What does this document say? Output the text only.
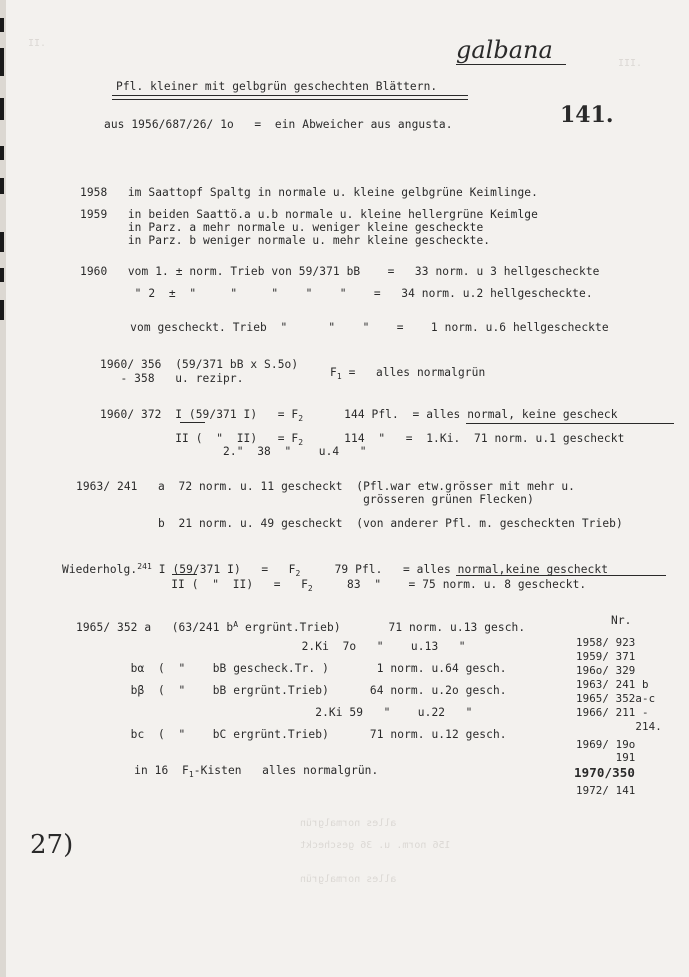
II.
III.
galbana
Pfl. kleiner mit gelbgrün geschechten Blättern.
aus 1956/687/26/ 1o   =  ein Abweicher aus angusta.	141.
1958   im Saattopf Spaltg in normale u. kleine gelbgrüne Keimlinge.
1959   in beiden Saattö.a u.b normale u. kleine hellergrüne Keimlge
in Parz. a mehr normale u. weniger kleine gescheckte
in Parz. b weniger normale u. mehr kleine gescheckte.
1960   vom 1. ± norm. Trieb von 59/371 bB    =   33 norm. u 3 hellgescheckte
" 2  ±  "     "     "    "    "    =   34 norm. u.2 hellgescheckte.
vom gescheckt. Trieb  "      "    "    =    1 norm. u.6 hellgescheckte
1960/ 356  (59/371 bB x S.5o)
- 358   u. rezipr.	$F_1$ =   alles normalgrün
1960/ 372  I (59/371 $I) = F_2$      144 Pfl.  = alles normal, keine gescheck
II (  "  $II) = F_2$      114  "   =  1.Ki.  71 norm. u.1 gescheckt
2."  38  "    u.4   "
1963/ 241   a  72 norm. u. 11 gescheckt  (Pfl.war etw.grösser mit mehr u.
grösseren grünen Flecken)
b  21 norm. u. 49 gescheckt  (von anderer Pfl. m. gescheckten Trieb)
Wiederholg.$^{241}$ I (59/371 $I) = F_2$     79 Pfl.   = alles normal,keine gescheckt
II (  "  $II) = F_2$     83  "    = 75 norm. u. 8 gescheckt.
1965/ 352 a   (63/241 $b^A$ ergrünt.Trieb)       71 norm. u.13 gesch.
2.Ki  7o   "    u.13   "
bα  (  "    bB gescheck.Tr. )       1 norm. u.64 gesch.
bβ  (  "    bB ergrünt.Trieb)      64 norm. u.2o gesch.
2.Ki 59   "    u.22   "
bc  (  "    bC ergrünt.Trieb)      71 norm. u.12 gesch.
in 16  $F_1$-Kisten   alles normalgrün.
Nr.
1958/ 923
1959/ 371
196o/ 329
1963/ 241 b
1965/ 352a-c
1966/ 211 -
214.
1969/ 19o
191
1970/350
1972/ 141
27)
alles normalgrün
156 norm. u. 36 gescheckt
alles normalgrün
